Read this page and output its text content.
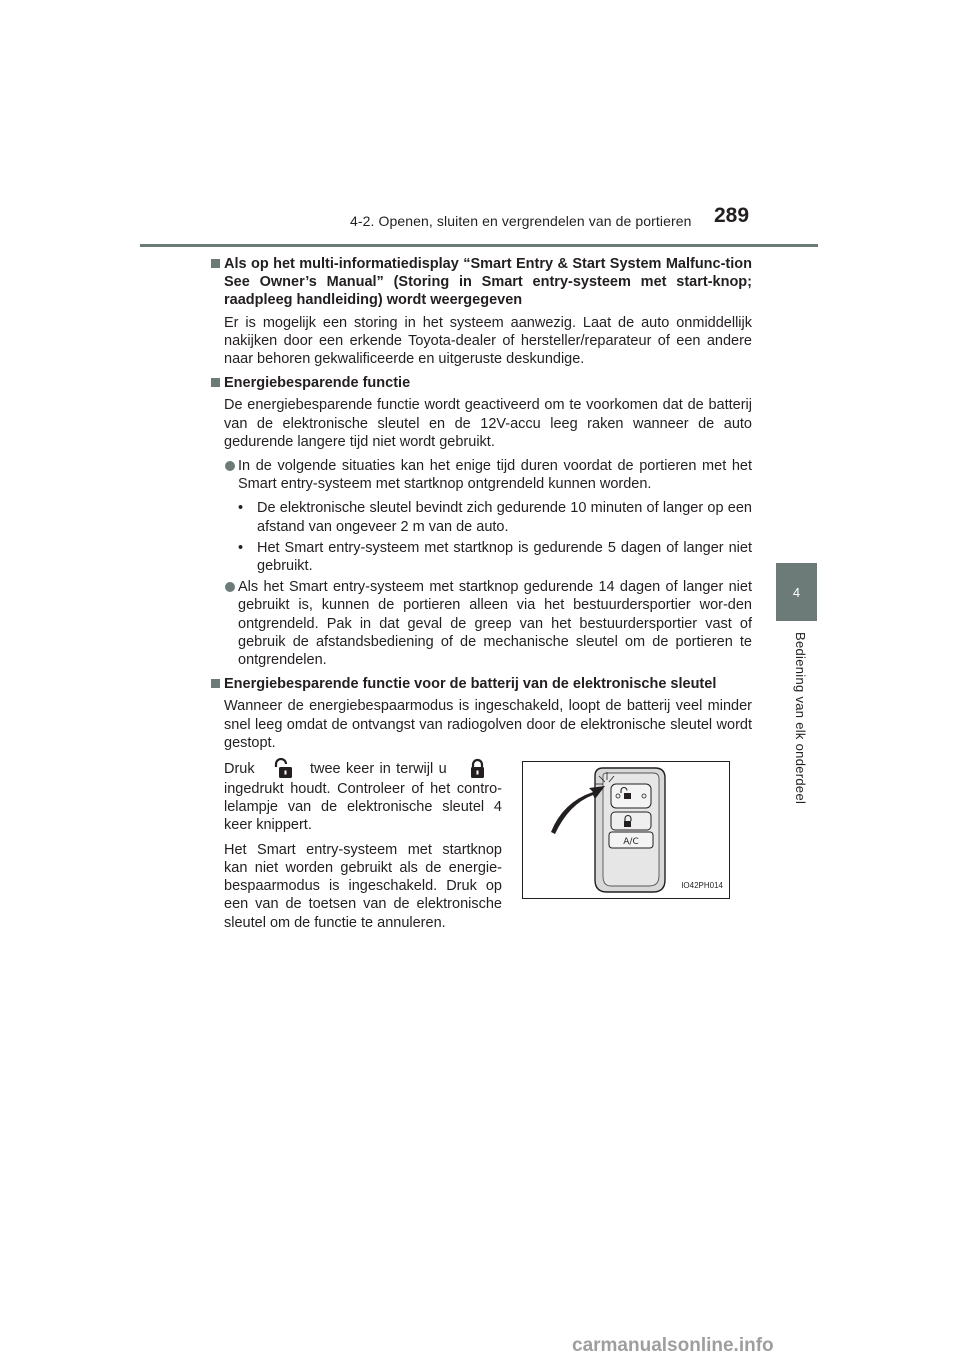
4-2. Openen, sluiten en vergrendelen van de portieren	289
4
Bediening van elk onderdeel
Als op het multi-informatiedisplay “Smart Entry & Start System Malfunc-tion See Owner’s Manual” (Storing in Smart entry-systeem met start-knop; raadpleeg handleiding) wordt weergegeven
Er is mogelijk een storing in het systeem aanwezig. Laat de auto onmiddellijk nakijken door een erkende Toyota-dealer of hersteller/reparateur of een andere naar behoren gekwalificeerde en uitgeruste deskundige.
Energiebesparende functie
De energiebesparende functie wordt geactiveerd om te voorkomen dat de batterij van de elektronische sleutel en de 12V-accu leeg raken wanneer de auto gedurende langere tijd niet wordt gebruikt.
In de volgende situaties kan het enige tijd duren voordat de portieren met het Smart entry-systeem met startknop ontgrendeld kunnen worden.
• De elektronische sleutel bevindt zich gedurende 10 minuten of langer op een afstand van ongeveer 2 m van de auto.
• Het Smart entry-systeem met startknop is gedurende 5 dagen of langer niet gebruikt.
Als het Smart entry-systeem met startknop gedurende 14 dagen of langer niet gebruikt is, kunnen de portieren alleen via het bestuurdersportier wor-den ontgrendeld. Pak in dat geval de greep van het bestuurdersportier vast of gebruik de afstandsbediening of de mechanische sleutel om de portieren te ontgrendelen.
Energiebesparende functie voor de batterij van de elektronische sleutel
Wanneer de energiebespaarmodus is ingeschakeld, loopt de batterij veel minder snel leeg omdat de ontvangst van radiogolven door de elektronische sleutel wordt gestopt.

Druk	twee keer in terwijl u  ingedrukt houdt. Controleer of het contro-lelampje van de elektronische sleutel 4 keer knippert.

Het Smart entry-systeem met startknop kan niet worden gebruikt als de energie-bespaarmodus is ingeschakeld. Druk op een van de toetsen van de elektronische sleutel om de functie te annuleren.

A/C
IO42PH014
carmanualsonline.info
